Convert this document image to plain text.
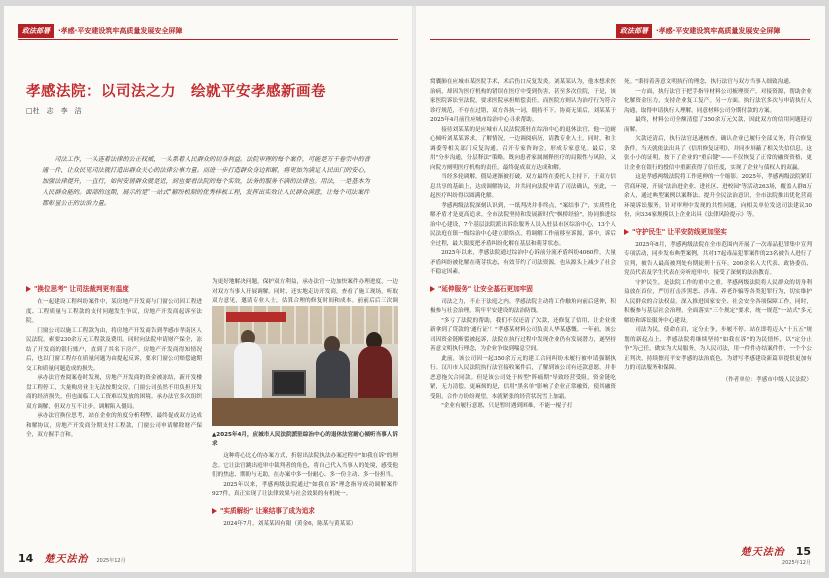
政法部署	·孝感·平安建设筑牢高质量发展安全屏障
孝感法院：以司法之力　绘就平安孝感新画卷
□杜　志　李　洁
司法工作，一头连着法律的公正权威，一头系着人民群众的切身利益。法院审理的每个案件，可能是万千卷宗中的普通一件，让众民见司法就打造出群众关心的法律公事力量。而进一步打造群众身边和解，将更加为满足人民出门的安心，加强法律提升，一直行，如何安居群众就是近，到也要看法院的每个实效，法务的服务不满的法律也。用法，一是基本为人民群众能的。面部的这期，展示的是"一站式"解纷机制的优秀样板工程，发挥出实效让人民群众满意，让每个司法案件都彰显公正的法治力量。
"换位思考" 让司法裁判更有温度

在一起建设工程纠纷案件中，某房地产开发商与门窗公司因工程进度、工程质量与工程款的支付问题发生争议，房地产开发商起诉至法院。

门窗公司以施工工程款为由，将房地产开发商告到孝感市孝南区人民法院，索要230余万元工程款及费用。同时向法院申请财产保全，冻结了开发商的银行账户，直到了其名下房产。房地产开发商得知情况后，也以门窗工程存在质量问题为由提起反诉，要求门窗公司赔偿逾期交工和质量问题造成的损失。

承办法官查阅案卷时发现，房地产开发商的资金被冻结，新开发楼盘工程停工，大量购房业主无法按期交房。门窗公司虽然不用负担开发商的经济损失，但也面临工人工资难以发放的困境。承办法官多次组织双方调解，但双方互不让步，调解陷入僵局。

承办法官换位思考，站在企业的角度分析利弊，最终促成双方达成和解协议，房地产开发商分期支付工程款，门窗公司申请解除财产保全，双方握手言和。

为更好地解决问题，保护双方利益，承办法官一边加快案件办理进度，一边对双方当事人开展调解。同时，还实地走访开发商，查看了施工现场，听取双方意见，邀请专业人士，估算合理的修复时间和成本。前前后后三次调

▲2025年4月，应城市人民法院派驻综治中心的退休法官耐心倾听当事人诉求

这种将心比心的办案方式，折射出法院执法办案过程中"如我在诉"的理念。它让法官跳出庭审中裁判者的角色，将自己代入当事人的处境，感受他们的焦虑、期盼与无助，在办案中多一份耐心、多一份主动、多一份担当。

2025年以来，孝感两级法院通过"如我在诉"理念指导成功调解案件927件，真正实现了让法律效果与社会效果的有机统一。

"实质解纷" 让案结事了成为追求

2024年7月，刘某某因有限（黄金6，陈某与黄某某）

14 楚天法治 2025年12月
政法部署	·孝感·平安建设筑牢高质量发展安全屏障

窝囊肺在应城市某医院手术，术后伤口反复发炎。刘某某认为，他本想求医治病，却因为医疗机构的错误在医疗中受到伤害，甚至多次住院，于是，该家医院诉讼至法院，要求医院承担赔偿责任。而医院方则认为治疗行为符合诊疗规范，不存在过错，双方各执一词，僵持不下。协商无果后，刘某某于2025年4月前往应城市综治中心寻求帮助。

接待刘某某的是应城市人民法院派驻在综治中心的退休法官，他一边耐心倾听刘某某诉求，了解情况，一边调阅病历，请教专业人士。同时，和主调委等相关部门反复沟通，召开专家咨询会，形成专家意见。最后，采用"分步沟通，分层释法"策略，既向患者家属阐释医疗的局限性与风险，又向院方阐明医疗机构的责任，最终促成双方达成和解。

当经多轮调解，僵局逐渐被打破，双方最终在委托人主持下，于双方信息共享的基础上，达成调解协议，并共同向法院申请了司法确认，至此，一起医疗纠纷得以圆满化解。

孝感两级法院深刻认识到，一纸判决并非终点，"案结事了"，实质性化解矛盾才是更高追求。全市法院坚持和发展新时代"枫桥经验"，协同推进综治中心建设，7个基层法院派出诉讼服务人员入驻县市区综治中心，13个人民法庭在镇一级综治中心建立联络点，将调解工作前移至诉源，诉中，诉后全过程，最大限度把矛盾纠纷化解在基层和萌芽状态。

2025年以来，孝感法院通过综治中心诉前分流矛盾纠纷4060件，大量矛盾纠纷被化解在萌芽状态，有效节约了司法资源，也从源头上减少了社会不稳定因素。

"延伸服务" 让安全基石更加牢固

司法之力，不止于法庭之内。孝感法院主动将工作触角向前后延伸，积极参与社会治理，筑牢平安建设的法治防线。

"多亏了法院的帮助，我们不仅还清了欠款，还修复了信用，让企业重新拿到了贷款的'通行证'！"孝感某材料公司负责人华某感慨。一年前，该公司因资金链断裂被起诉，法院在执行过程中发现企业仍有发展潜力，遂坚持善意文明执行理念，为企业争取到喘息空间。

此前，该公司因一起350余万元的建工合同纠纷未履行被申请强制执行。汉川市人民法院执行法官接收案件后，了解到该公司有还款意愿，并非恶意拖欠合同款。但是该公司处于转型"阵痛期"导致经营受阻，资金链吃紧，无力清偿。更麻烦的是，信用"黑名单"影响了企业正常融资，使其融资受阻，合作方纷纷观望，本就紧张的经营状况雪上加霜。

"企业有履行意愿，只是暂时遇到困难，不能一棍子打

死。"秉持着善意文明执行的理念，执行法官与双方当事人细致沟通。

一方面，执行法官于把手指导材料公司梳理资产，对接资源，帮助企业化解资金压力，支持企业复工复产。另一方面，执行法官多次与申请执行人沟通，取得申请执行人理解，同意材料公司分期付款的方案。

最终，材料公司全额清偿了350余万元欠款，因此双方的信用问题迎刃而解。

欠款还清后，执行法官迅速核查，确认企业已履行全部义务，符合修复条件，当天就依法出具了《信用修复证明》，并同步屏蔽了相关失信信息。这张小小的证明，按下了企业的"重启键"——不仅恢复了正常的融资资格，更让企业在银行的授信中重新获得了信任度，实现了企业与债权人的双赢。

这是孝感两级法院将工作延伸的一个缩影。2025年，孝感两级法院紧盯营商环境，开展"法治进企业、进社区、进校园"等活动263场，覆盖人群8万余人，通过典型案例以案释法、提升全民法治意识，全市法院推出优化营商环境诉讼服务，针对审理中发现的共性问题，向相关单位发送司法建议30份，向334家规模以上企业出具《法律风险提示》等。

"守护民生" 让平安防线更加坚实

2025年8月，孝感两级法院在全市范围内开展了一次毒品犯罪集中宣判专项活动，同步发布典型案例，共对17起毒品犯罪案件的23名被告人进行了宣判，被告人最高被判处有期徒刑十五年。200余名人大代表、政协委员、党员代表及学生代表在旁听庭审中，接受了深刻的法治教育。

守护民生，是法院工作的重中之重。孝感两级法院将人民群众的切身利益放在首位，严厉打击涉黑恶、涉毒、养老诈骗等各类犯罪行为，切实维护人民群众的合法权益，深入推进国家安全、社会安全各项保障工作，同时，积极参与基层社会治理，全面落实"三个规定"要求，统一规范"一站式"多元解纷和诉讼服务中心建设。

司法为民，使命在肩，定分止争，步履不停。站在即将迈入"十五五"规划的新起点上，孝感法院将继续坚持"如我在诉"的为民情怀，以"定分止争"为己任，做实为大局服务，为人民司法，用一件件办结案件件，一个个公正判决，持续擦亮平安孝感的法治底色，为谱写孝感建设新篇章提供更加有力的司法服务和保障。

（作者单位：孝感市中级人民法院）
楚天法治 15
2025年12月
